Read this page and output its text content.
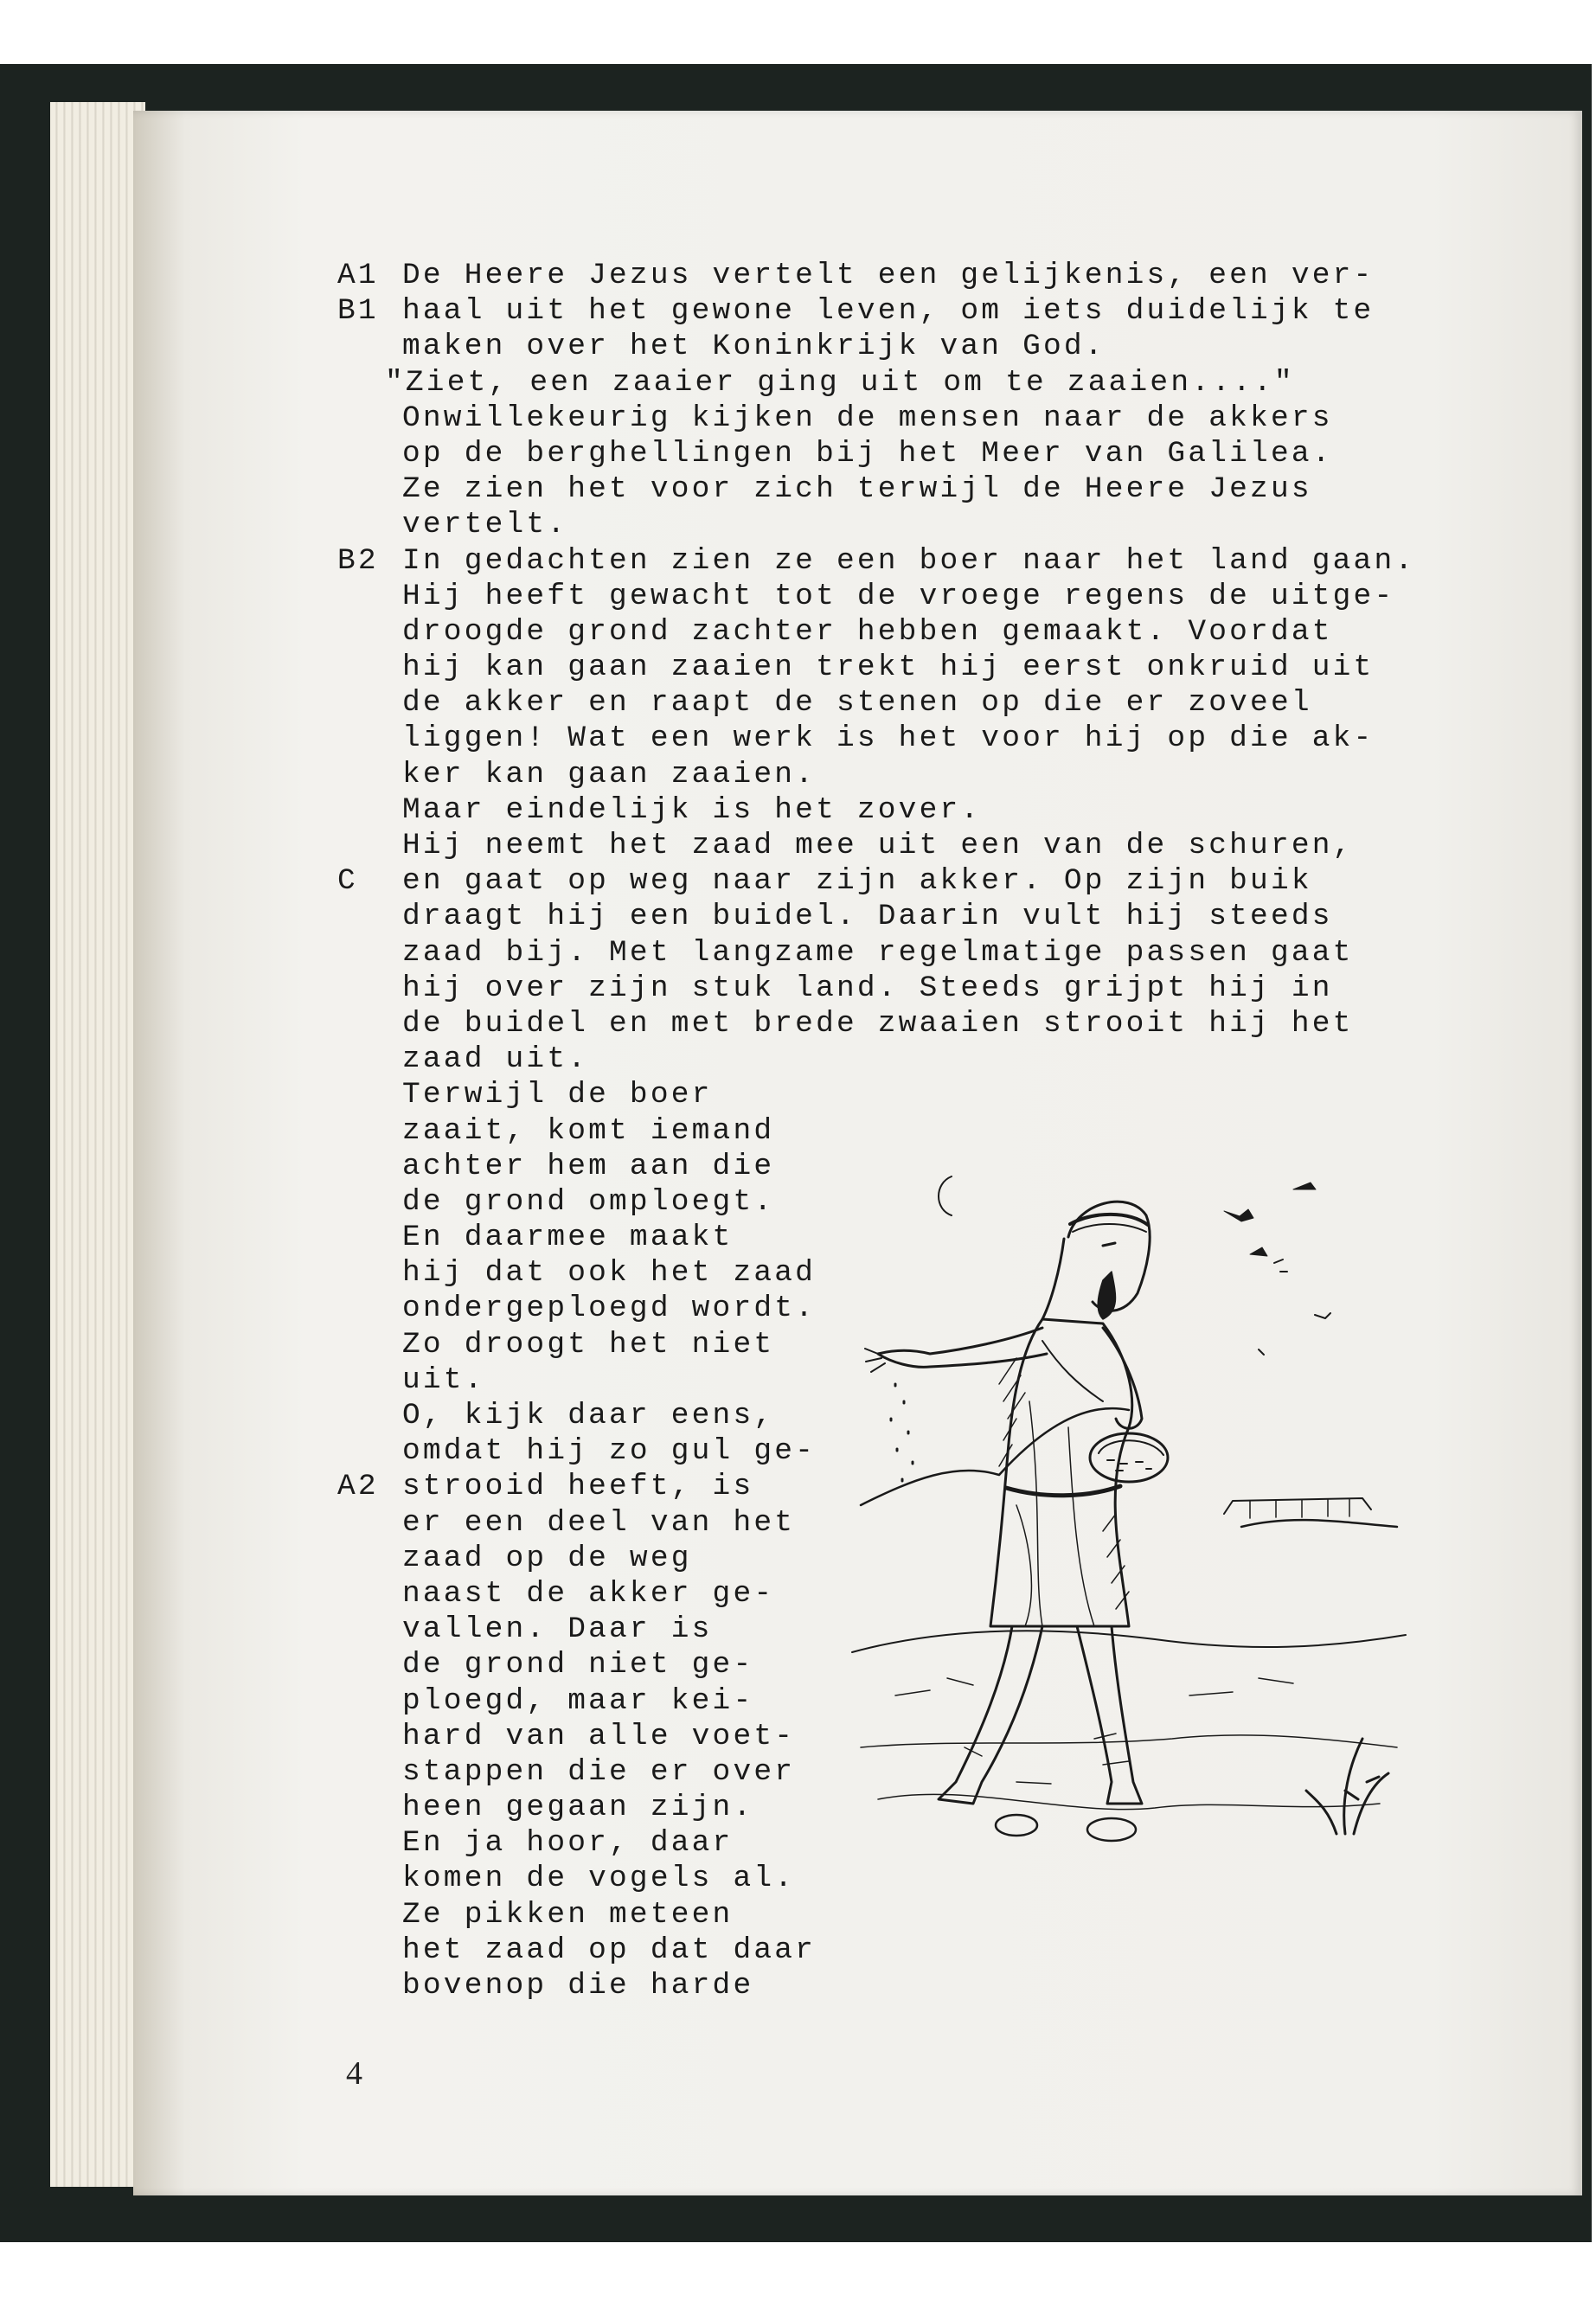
A1 De Heere Jezus vertelt een gelijkenis, een ver-
B1 haal uit het gewone leven, om iets duidelijk te
maken over het Koninkrijk van God.
"Ziet, een zaaier ging uit om te zaaien...."
Onwillekeurig kijken de mensen naar de akkers
op de berghellingen bij het Meer van Galilea.
Ze zien het voor zich terwijl de Heere Jezus
vertelt.
B2 In gedachten zien ze een boer naar het land gaan.
Hij heeft gewacht tot de vroege regens de uitge-
droogde grond zachter hebben gemaakt. Voordat
hij kan gaan zaaien trekt hij eerst onkruid uit
de akker en raapt de stenen op die er zoveel
liggen! Wat een werk is het voor hij op die ak-
ker kan gaan zaaien.
Maar eindelijk is het zover.
Hij neemt het zaad mee uit een van de schuren,
C	en gaat op weg naar zijn akker. Op zijn buik
draagt hij een buidel. Daarin vult hij steeds
zaad bij. Met langzame regelmatige passen gaat
hij over zijn stuk land. Steeds grijpt hij in
de buidel en met brede zwaaien strooit hij het
zaad uit.
Terwijl de boer
zaait, komt iemand
achter hem aan die
de grond omploegt.
En daarmee maakt
hij dat ook het zaad
ondergeploegd wordt.
Zo droogt het niet
uit.
O, kijk daar eens,
omdat hij zo gul ge-
A2 strooid heeft, is
er een deel van het
zaad op de weg
naast de akker ge-
vallen. Daar is
de grond niet ge-
ploegd, maar kei-
hard van alle voet-
stappen die er over
heen gegaan zijn.
En ja hoor, daar
komen de vogels al.
Ze pikken meteen
het zaad op dat daar
bovenop die harde
4
